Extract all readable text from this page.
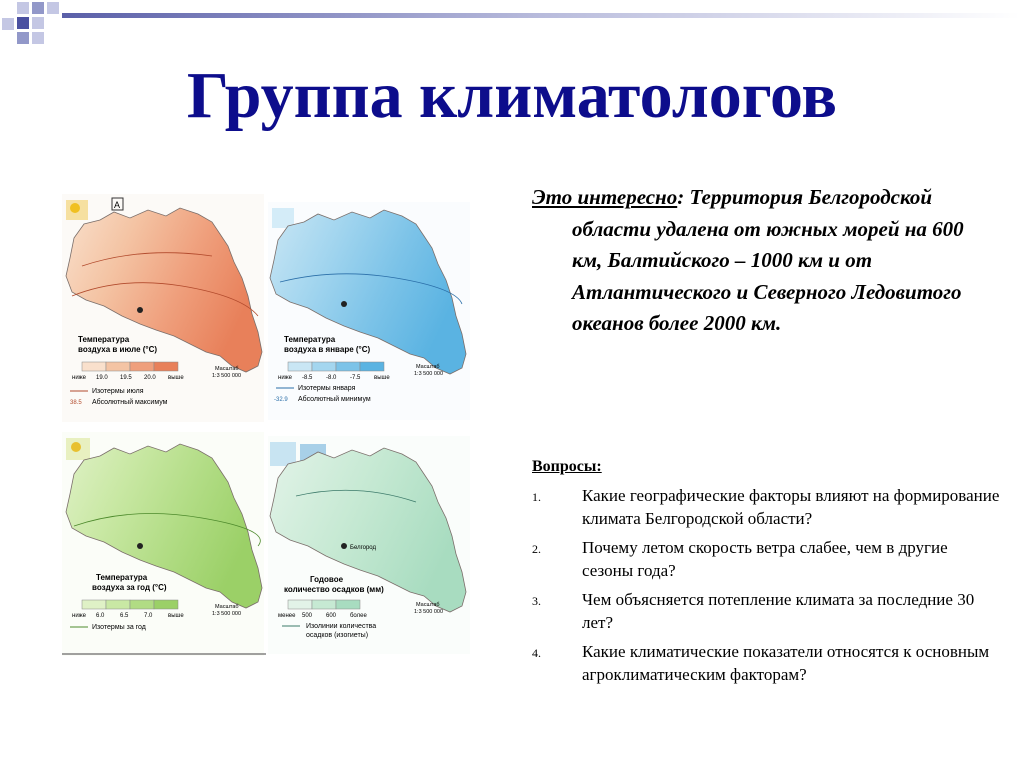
Группа климатологов
А
Температура
воздуха в июле (°С)
ниже 19.0 19.5 20.0 выше
Масштаб
1:3 500 000
Изотермы июля
38.5 Абсолютный максимум
Температура
воздуха в январе (°С)
ниже -8.5 -8.0 -7.5 выше
Масштаб
1:3 500 000
Изотермы января
-32.9 Абсолютный минимум
Температура
воздуха за год (°С)
ниже 6.0	6.5	7.0	выше
Масштаб
1:3 500 000
Изотермы за год
Белгород
Годовое
количество осадков (мм)
менее 500 600 более
Масштаб
1:3 500 000
Изолинии количества
осадков (изогиеты)
Это интересно: Территория Белгородской области удалена от южных морей на 600 км, Балтийского – 1000 км и от Атлантического и Северного Ледовитого океанов более 2000 км.
Вопросы:
1. Какие географические факторы влияют на формирование климата Белгородской области?
2. Почему летом скорость ветра слабее, чем в другие сезоны года?
3. Чем объясняется потепление климата за последние 30 лет?
4. Какие климатические показатели относятся к основным агроклиматическим факторам?
